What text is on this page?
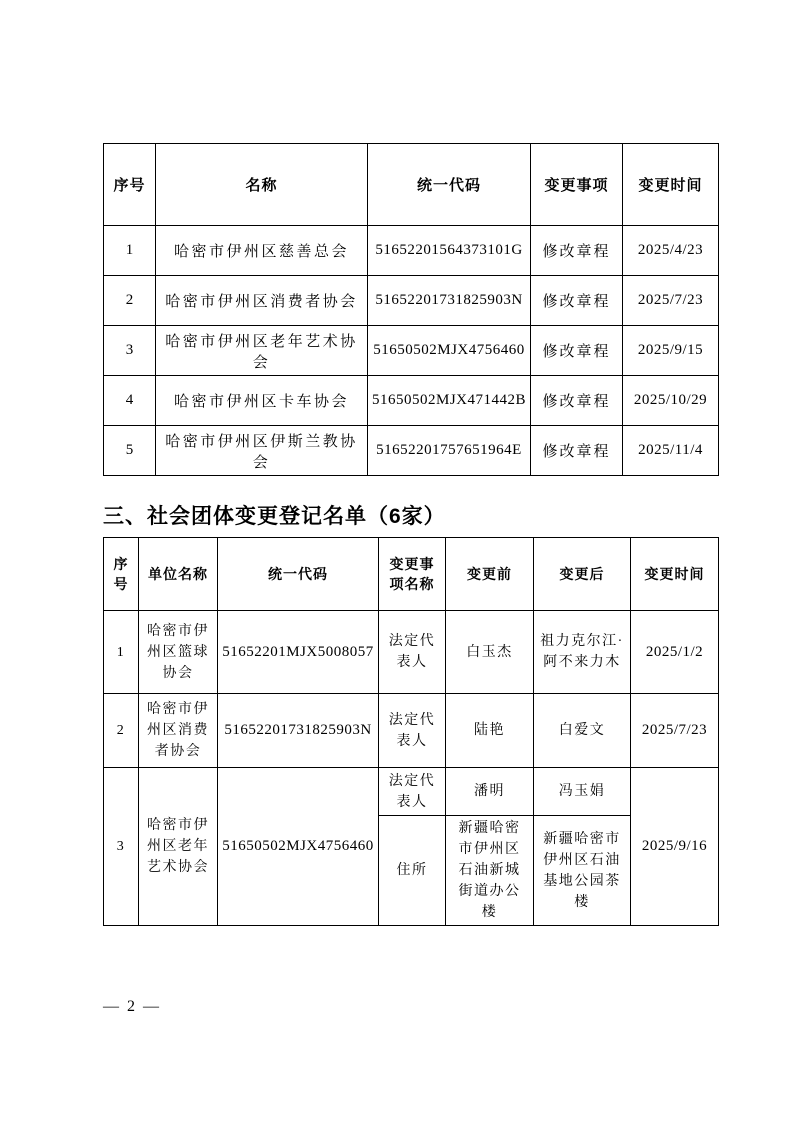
序号	名称	统一代码	变更事项	变更时间
1	哈密市伊州区慈善总会	51652201564373101G	修改章程	2025/4/23
2	哈密市伊州区消费者协会	51652201731825903N	修改章程	2025/7/23
3	哈密市伊州区老年艺术协会	51650502MJX4756460	修改章程	2025/9/15
4	哈密市伊州区卡车协会	51650502MJX471442B	修改章程	2025/10/29
5	哈密市伊州区伊斯兰教协会	51652201757651964E	修改章程	2025/11/4
三、社会团体变更登记名单（6家）
序号	单位名称	统一代码	变更事项名称	变更前	变更后	变更时间
1	哈密市伊州区篮球协会	51652201MJX5008057	法定代表人	白玉杰	祖力克尔江·阿不来力木	2025/1/2
2	哈密市伊州区消费者协会	51652201731825903N	法定代表人	陆艳	白爱文	2025/7/23
3	哈密市伊州区老年艺术协会	51650502MJX4756460	法定代表人	潘明	冯玉娟	2025/9/16
			住所	新疆哈密市伊州区石油新城街道办公楼	新疆哈密市伊州区石油基地公园茶楼	
— 2 —
